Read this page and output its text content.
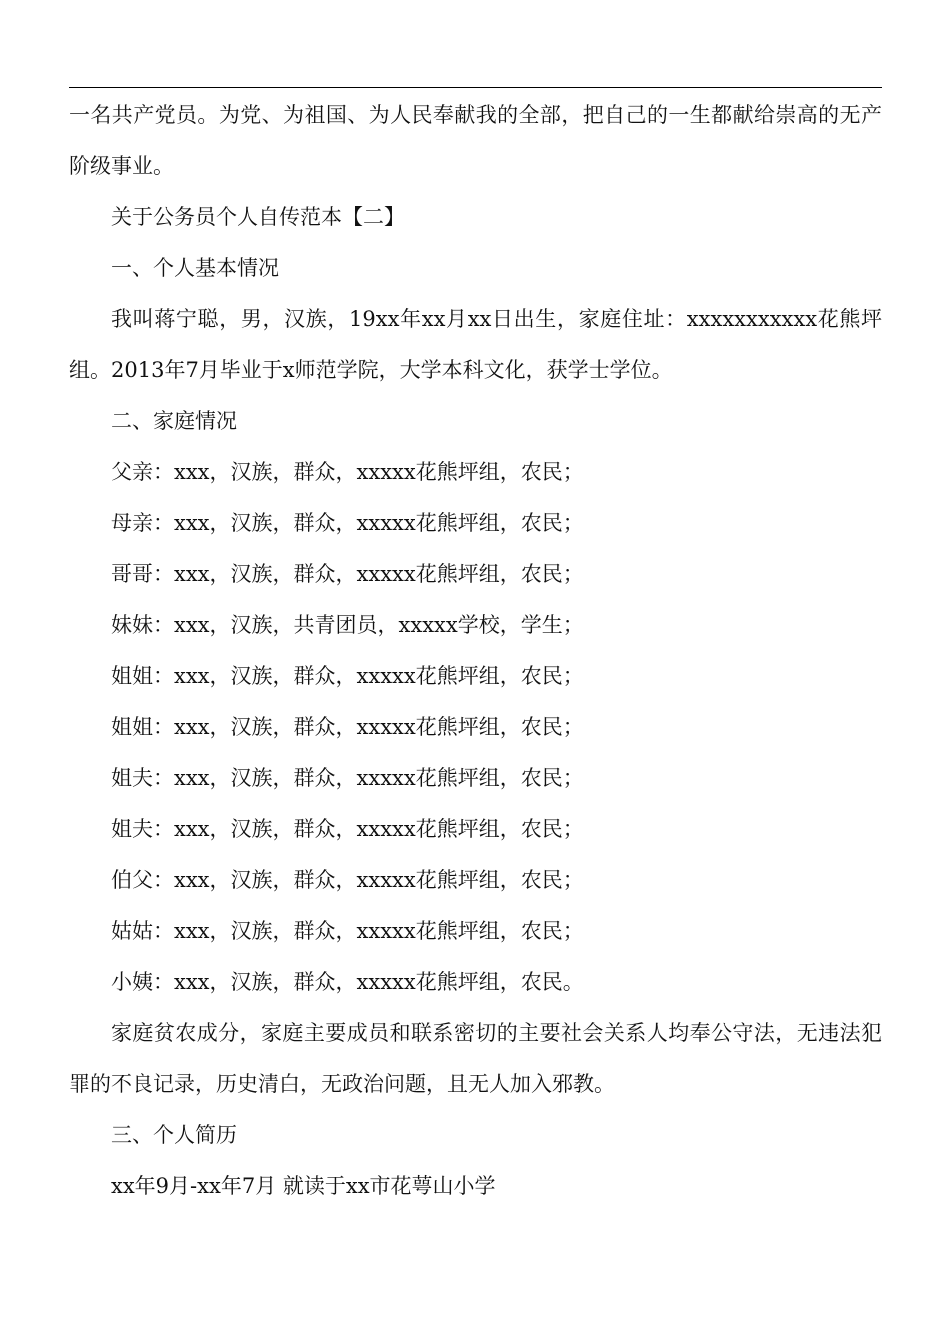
一名共产党员。为党、为祖国、为人民奉献我的全部，把自己的一生都献给崇高的无产阶级事业。

关于公务员个人自传范本【二】

一、个人基本情况

我叫蒋宁聪，男，汉族，19xx年xx月xx日出生，家庭住址：xxxxxxxxxxx花熊坪组。2013年7月毕业于x师范学院，大学本科文化，获学士学位。

二、家庭情况

父亲：xxx，汉族，群众，xxxxx花熊坪组，农民；

母亲：xxx，汉族，群众，xxxxx花熊坪组，农民；

哥哥：xxx，汉族，群众，xxxxx花熊坪组，农民；

妹妹：xxx，汉族，共青团员，xxxxx学校，学生；

姐姐：xxx，汉族，群众，xxxxx花熊坪组，农民；

姐姐：xxx，汉族，群众，xxxxx花熊坪组，农民；

姐夫：xxx，汉族，群众，xxxxx花熊坪组，农民；

姐夫：xxx，汉族，群众，xxxxx花熊坪组，农民；

伯父：xxx，汉族，群众，xxxxx花熊坪组，农民；

姑姑：xxx，汉族，群众，xxxxx花熊坪组，农民；

小姨：xxx，汉族，群众，xxxxx花熊坪组，农民。

家庭贫农成分，家庭主要成员和联系密切的主要社会关系人均奉公守法，无违法犯罪的不良记录，历史清白，无政治问题，且无人加入邪教。

三、个人简历

xx年9月-xx年7月 就读于xx市花萼山小学
